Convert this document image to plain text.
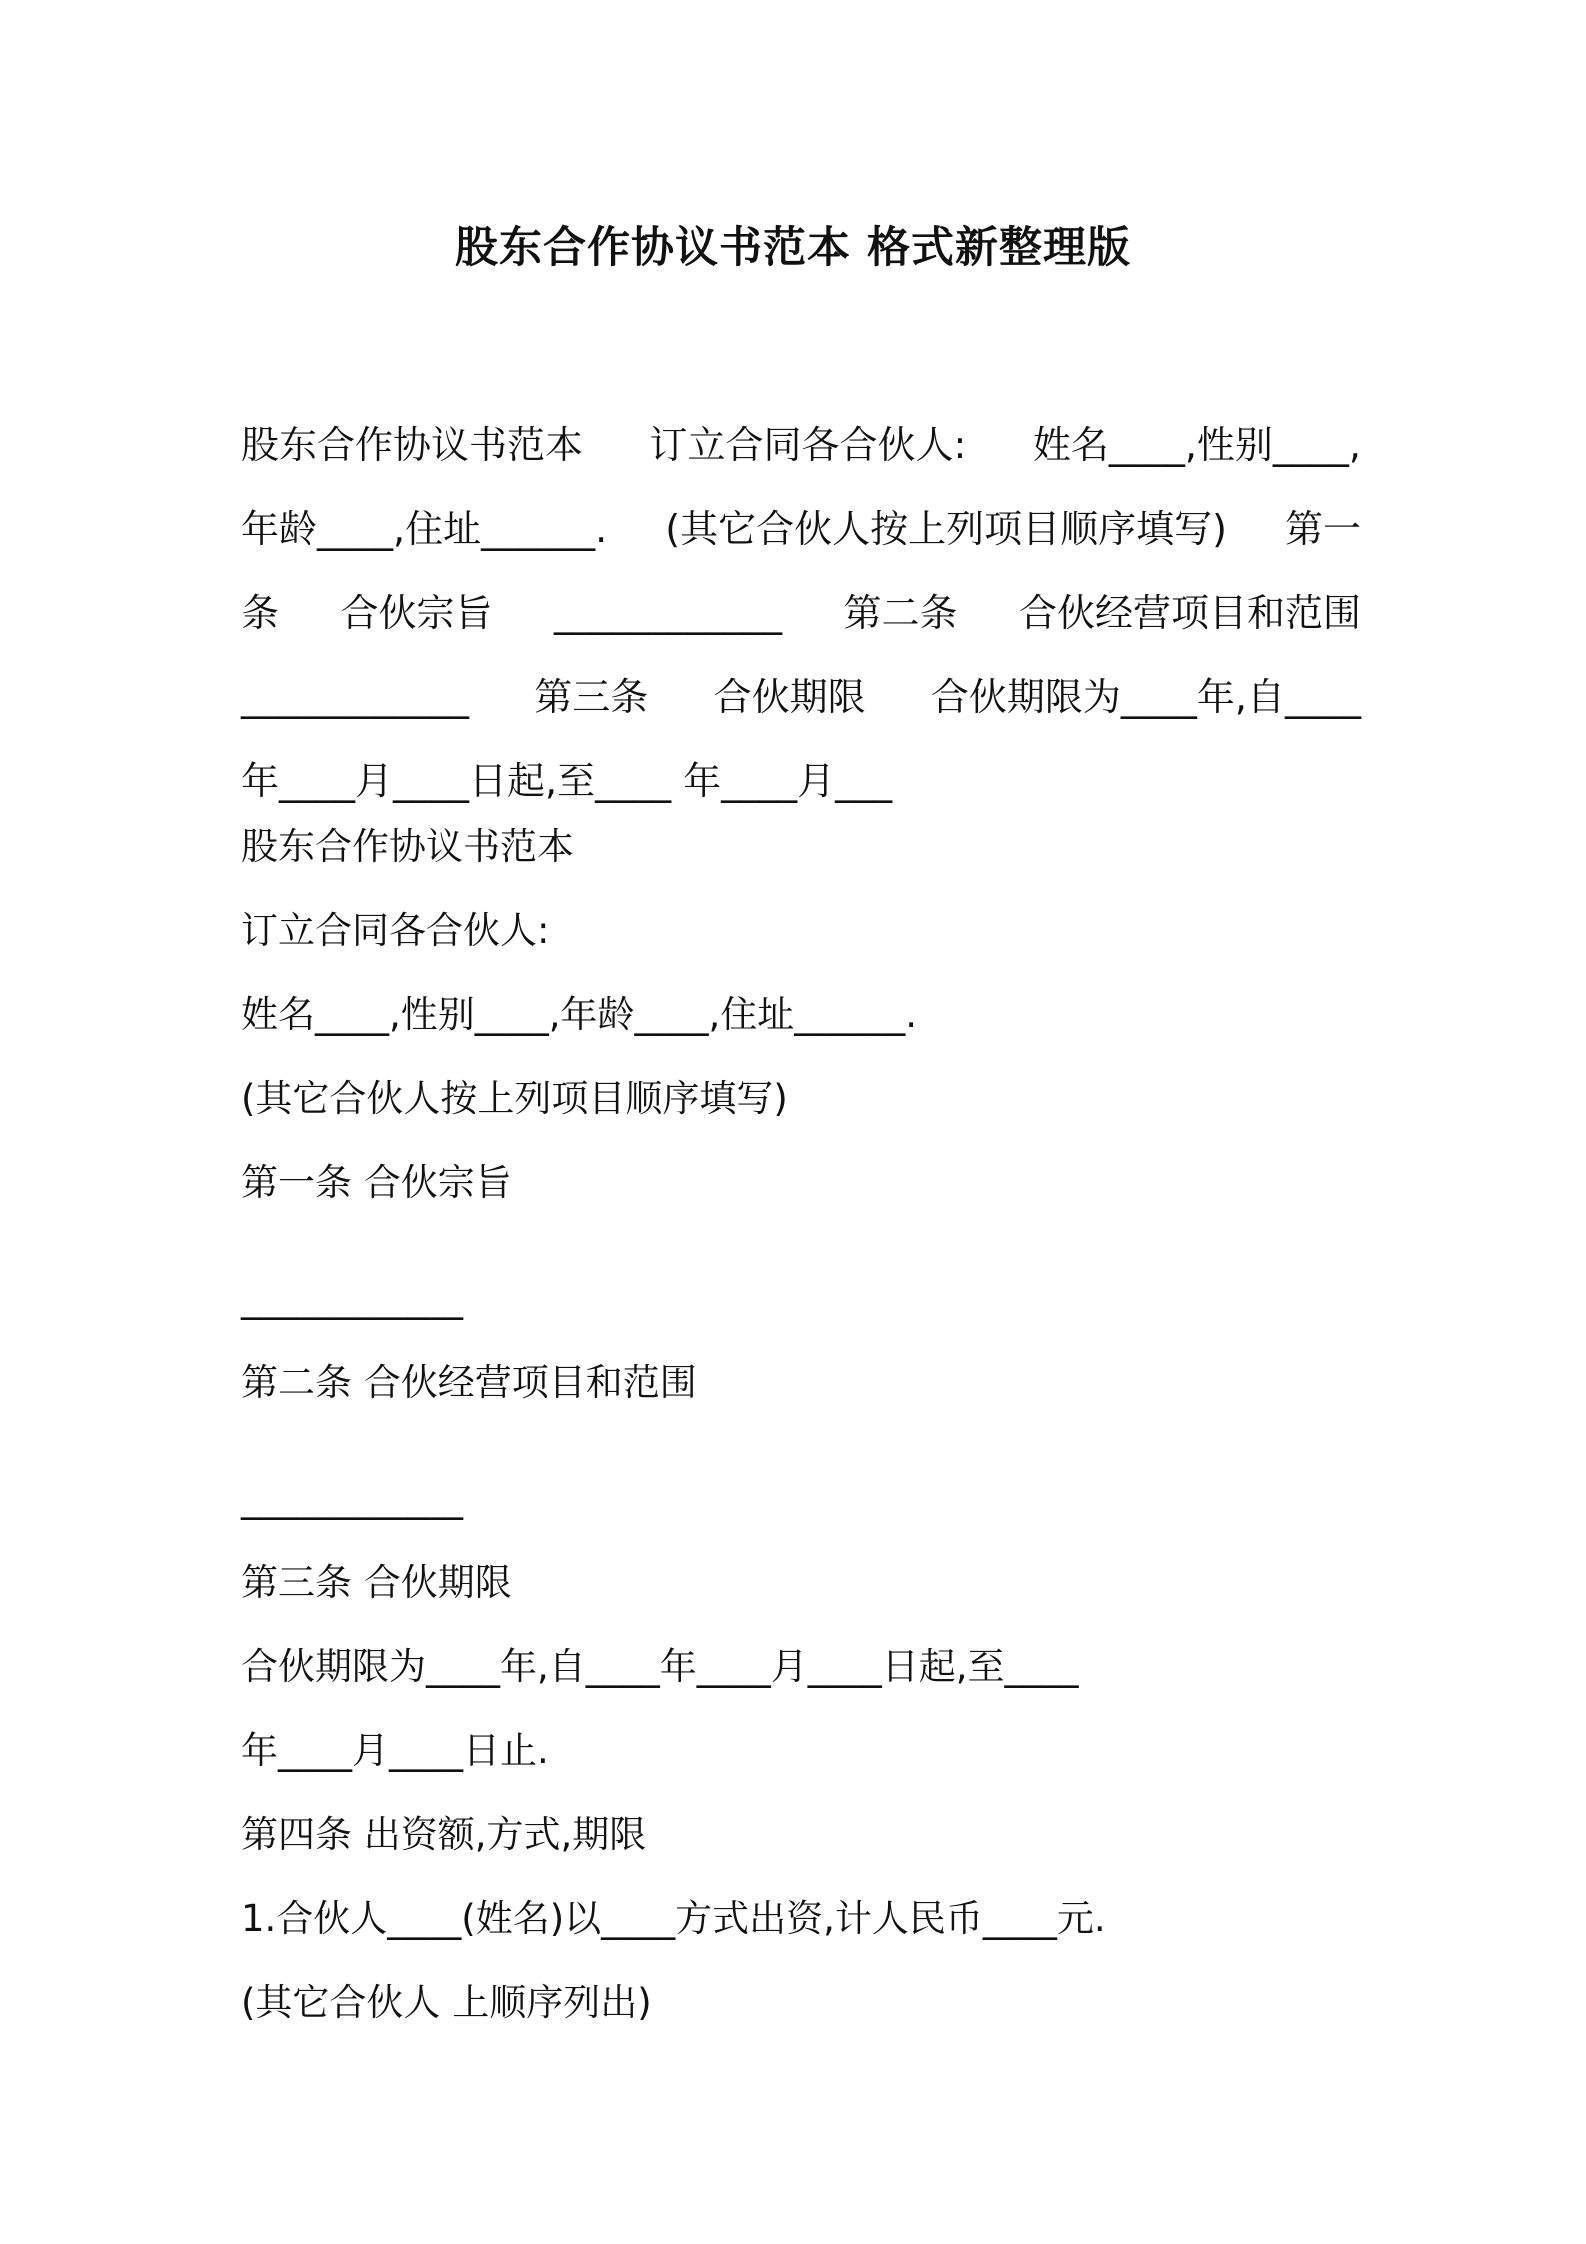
股东合作协议书范本 格式新整理版
股东合作协议书范本 订立合同各合伙人: 姓名____,性别____,
年龄____,住址______. (其它合伙人按上列项目顺序填写) 第一
条 合伙宗旨 ____________ 第二条 合伙经营项目和范围
____________ 第三条 合伙期限 合伙期限为____年,自____
年____月____日起,至____ 年____月___
股东合作协议书范本
订立合同各合伙人:
姓名____,性别____,年龄____,住址______.
(其它合伙人按上列项目顺序填写)
第一条 合伙宗旨
____________
第二条 合伙经营项目和范围
____________
第三条 合伙期限
合伙期限为____年,自____年____月____日起,至____
年____月____日止.
第四条 出资额,方式,期限
1.合伙人____(姓名)以____方式出资,计人民币____元.
(其它合伙人 上顺序列出)
